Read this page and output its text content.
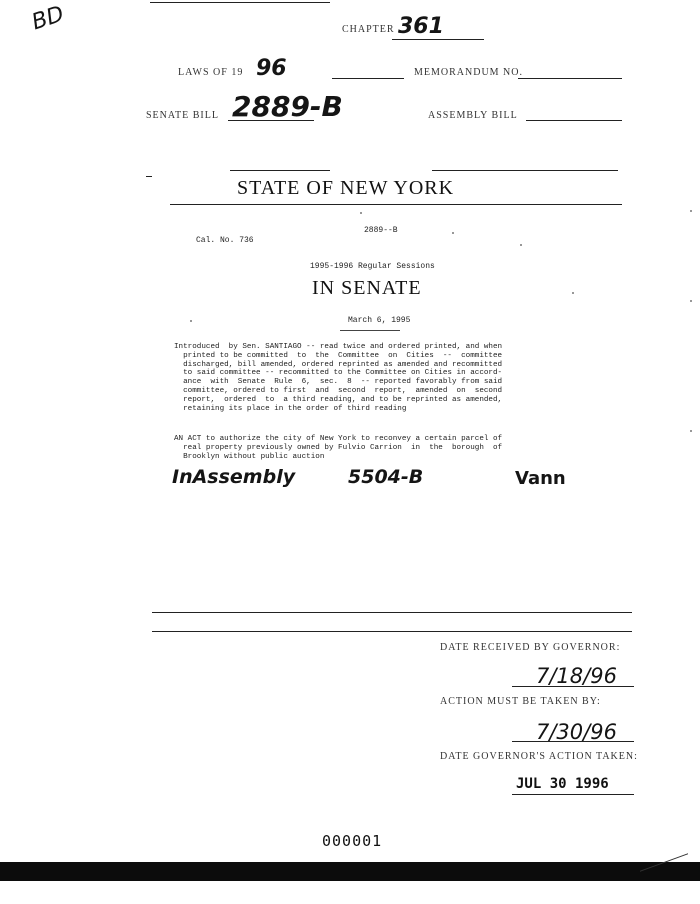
BD	CHAPTER 361
LAWS OF 19 96	MEMORANDUM NO.
SENATE BILL 2889-B	ASSEMBLY BILL
STATE OF NEW YORK
2889--B
Cal. No. 736
1995-1996 Regular Sessions
IN SENATE
March 6, 1995
Introduced  by Sen. SANTIAGO -- read twice and ordered printed, and when
printed to be committed  to  the  Committee  on  Cities  --  committee
discharged, bill amended, ordered reprinted as amended and recommitted
to said committee -- recommitted to the Committee on Cities in accord-
ance  with  Senate  Rule  6,  sec.  8  -- reported favorably from said
committee, ordered to first  and  second  report,  amended  on  second
report,  ordered  to  a third reading, and to be reprinted as amended,
retaining its place in the order of third reading
AN ACT to authorize the city of New York to reconvey a certain parcel of
real property previously owned by Fulvio Carrion  in  the  borough  of
Brooklyn without public auction
InAssembly	5504-B	Vann
DATE RECEIVED BY GOVERNOR:
7/18/96
ACTION MUST BE TAKEN BY:
7/30/96
DATE GOVERNOR'S ACTION TAKEN:
JUL 30 1996
000001
